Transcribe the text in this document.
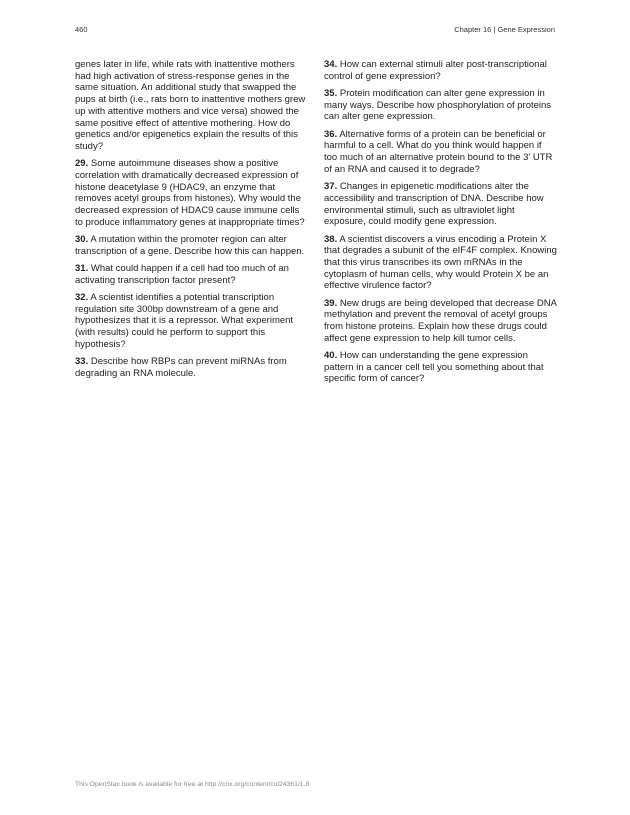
460	Chapter 16 | Gene Expression

genes later in life, while rats with inattentive mothers had high activation of stress-response genes in the same situation. An additional study that swapped the pups at birth (i.e., rats born to inattentive mothers grew up with attentive mothers and vice versa) showed the same positive effect of attentive mothering. How do genetics and/or epigenetics explain the results of this study?

29. Some autoimmune diseases show a positive correlation with dramatically decreased expression of histone deacetylase 9 (HDAC9, an enzyme that removes acetyl groups from histones). Why would the decreased expression of HDAC9 cause immune cells to produce inflammatory genes at inappropriate times?

30. A mutation within the promoter region can alter transcription of a gene. Describe how this can happen.

31. What could happen if a cell had too much of an activating transcription factor present?

32. A scientist identifies a potential transcription regulation site 300bp downstream of a gene and hypothesizes that it is a repressor. What experiment (with results) could he perform to support this hypothesis?

33. Describe how RBPs can prevent miRNAs from degrading an RNA molecule.

34. How can external stimuli alter post-transcriptional control of gene expression?

35. Protein modification can alter gene expression in many ways. Describe how phosphorylation of proteins can alter gene expression.

36. Alternative forms of a protein can be beneficial or harmful to a cell. What do you think would happen if too much of an alternative protein bound to the 3' UTR of an RNA and caused it to degrade?

37. Changes in epigenetic modifications alter the accessibility and transcription of DNA. Describe how environmental stimuli, such as ultraviolet light exposure, could modify gene expression.

38. A scientist discovers a virus encoding a Protein X that degrades a subunit of the eIF4F complex. Knowing that this virus transcribes its own mRNAs in the cytoplasm of human cells, why would Protein X be an effective virulence factor?

39. New drugs are being developed that decrease DNA methylation and prevent the removal of acetyl groups from histone proteins. Explain how these drugs could affect gene expression to help kill tumor cells.

40. How can understanding the gene expression pattern in a cancer cell tell you something about that specific form of cancer?

This OpenStax book is available for free at http://cnx.org/content/col24361/1.8
